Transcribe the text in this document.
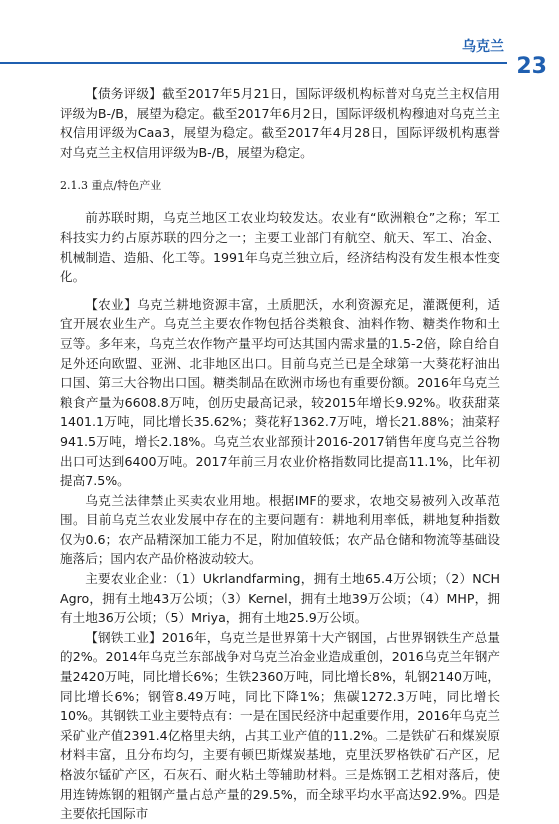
乌克兰
23

【债务评级】截至2017年5月21日，国际评级机构标普对乌克兰主权信用评级为B-/B，展望为稳定。截至2017年6月2日，国际评级机构穆迪对乌克兰主权信用评级为Caa3，展望为稳定。截至2017年4月28日，国际评级机构惠誉对乌克兰主权信用评级为B-/B，展望为稳定。

2.1.3 重点/特色产业

前苏联时期，乌克兰地区工农业均较发达。农业有“欧洲粮仓”之称；军工科技实力约占原苏联的四分之一；主要工业部门有航空、航天、军工、冶金、机械制造、造船、化工等。1991年乌克兰独立后，经济结构没有发生根本性变化。

【农业】乌克兰耕地资源丰富，土质肥沃，水利资源充足，灌溉便利，适宜开展农业生产。乌克兰主要农作物包括谷类粮食、油料作物、糖类作物和土豆等。多年来，乌克兰农作物产量平均可达其国内需求量的1.5-2倍，除自给自足外还向欧盟、亚洲、北非地区出口。目前乌克兰已是全球第一大葵花籽油出口国、第三大谷物出口国。糖类制品在欧洲市场也有重要份额。2016年乌克兰粮食产量为6608.8万吨，创历史最高记录，较2015年增长9.92%。收获甜菜1401.1万吨，同比增长35.62%；葵花籽1362.7万吨，增长21.88%；油菜籽941.5万吨，增长2.18%。乌克兰农业部预计2016-2017销售年度乌克兰谷物出口可达到6400万吨。2017年前三月农业价格指数同比提高11.1%，比年初提高7.5%。

乌克兰法律禁止买卖农业用地。根据IMF的要求，农地交易被列入改革范围。目前乌克兰农业发展中存在的主要问题有：耕地利用率低，耕地复种指数仅为0.6；农产品精深加工能力不足，附加值较低；农产品仓储和物流等基础设施落后；国内农产品价格波动较大。

主要农业企业：（1）Ukrlandfarming，拥有土地65.4万公顷；（2）NCH Agro，拥有土地43万公顷；（3）Kernel，拥有土地39万公顷；（4）MHP，拥有土地36万公顷；（5）Mriya，拥有土地25.9万公顷。

【钢铁工业】2016年，乌克兰是世界第十大产钢国，占世界钢铁生产总量的2%。2014年乌克兰东部战争对乌克兰冶金业造成重创，2016乌克兰年钢产量2420万吨，同比增长6%；生铁2360万吨，同比增长8%，轧钢2140万吨，同比增长6%；钢管8.49万吨，同比下降1%；焦碳1272.3万吨，同比增长10%。其钢铁工业主要特点有：一是在国民经济中起重要作用，2016年乌克兰采矿业产值2391.4亿格里夫纳，占其工业产值的11.2%。二是铁矿石和煤炭原材料丰富，且分布均匀，主要有顿巴斯煤炭基地，克里沃罗格铁矿石产区，尼格波尔锰矿产区，石灰石、耐火粘土等辅助材料。三是炼钢工艺相对落后，使用连铸炼钢的粗钢产量占总产量的29.5%，而全球平均水平高达92.9%。四是主要依托国际市
